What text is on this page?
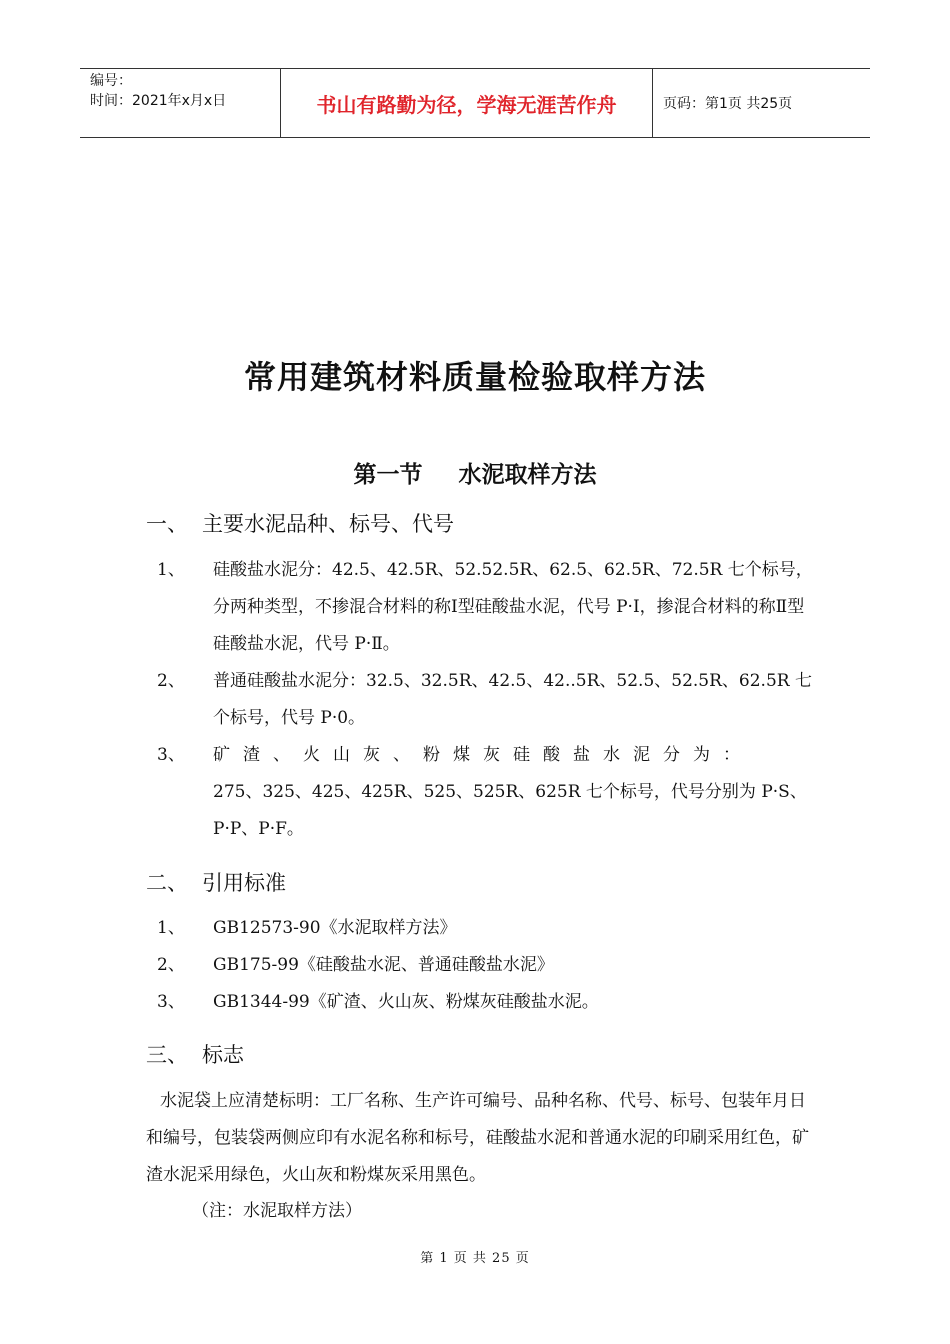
编号：
时间：2021年x月x日	书山有路勤为径，学海无涯苦作舟	页码：第1页 共25页
常用建筑材料质量检验取样方法
第一节 水泥取样方法
一、 主要水泥品种、标号、代号
1、 硅酸盐水泥分：42.5、42.5R、52.52.5R、62.5、62.5R、72.5R 七个标号，分两种类型，不掺混合材料的称Ⅰ型硅酸盐水泥，代号 P·Ⅰ，掺混合材料的称Ⅱ型硅酸盐水泥，代号 P·Ⅱ。
2、 普通硅酸盐水泥分：32.5、32.5R、42.5、42..5R、52.5、52.5R、62.5R 七个标号，代号 P·0。
3、 矿渣、火山灰、粉煤灰硅酸盐水泥分为：
275、325、425、425R、525、525R、625R 七个标号，代号分别为 P·S、P·P、P·F。
二、 引用标准
1、 GB12573-90《水泥取样方法》
2、 GB175-99《硅酸盐水泥、普通硅酸盐水泥》
3、 GB1344-99《矿渣、火山灰、粉煤灰硅酸盐水泥。
三、 标志
水泥袋上应清楚标明：工厂名称、生产许可编号、品种名称、代号、标号、包装年月日和编号，包装袋两侧应印有水泥名称和标号，硅酸盐水泥和普通水泥的印刷采用红色，矿渣水泥采用绿色，火山灰和粉煤灰采用黑色。
（注：水泥取样方法）
第 1 页 共 25 页
